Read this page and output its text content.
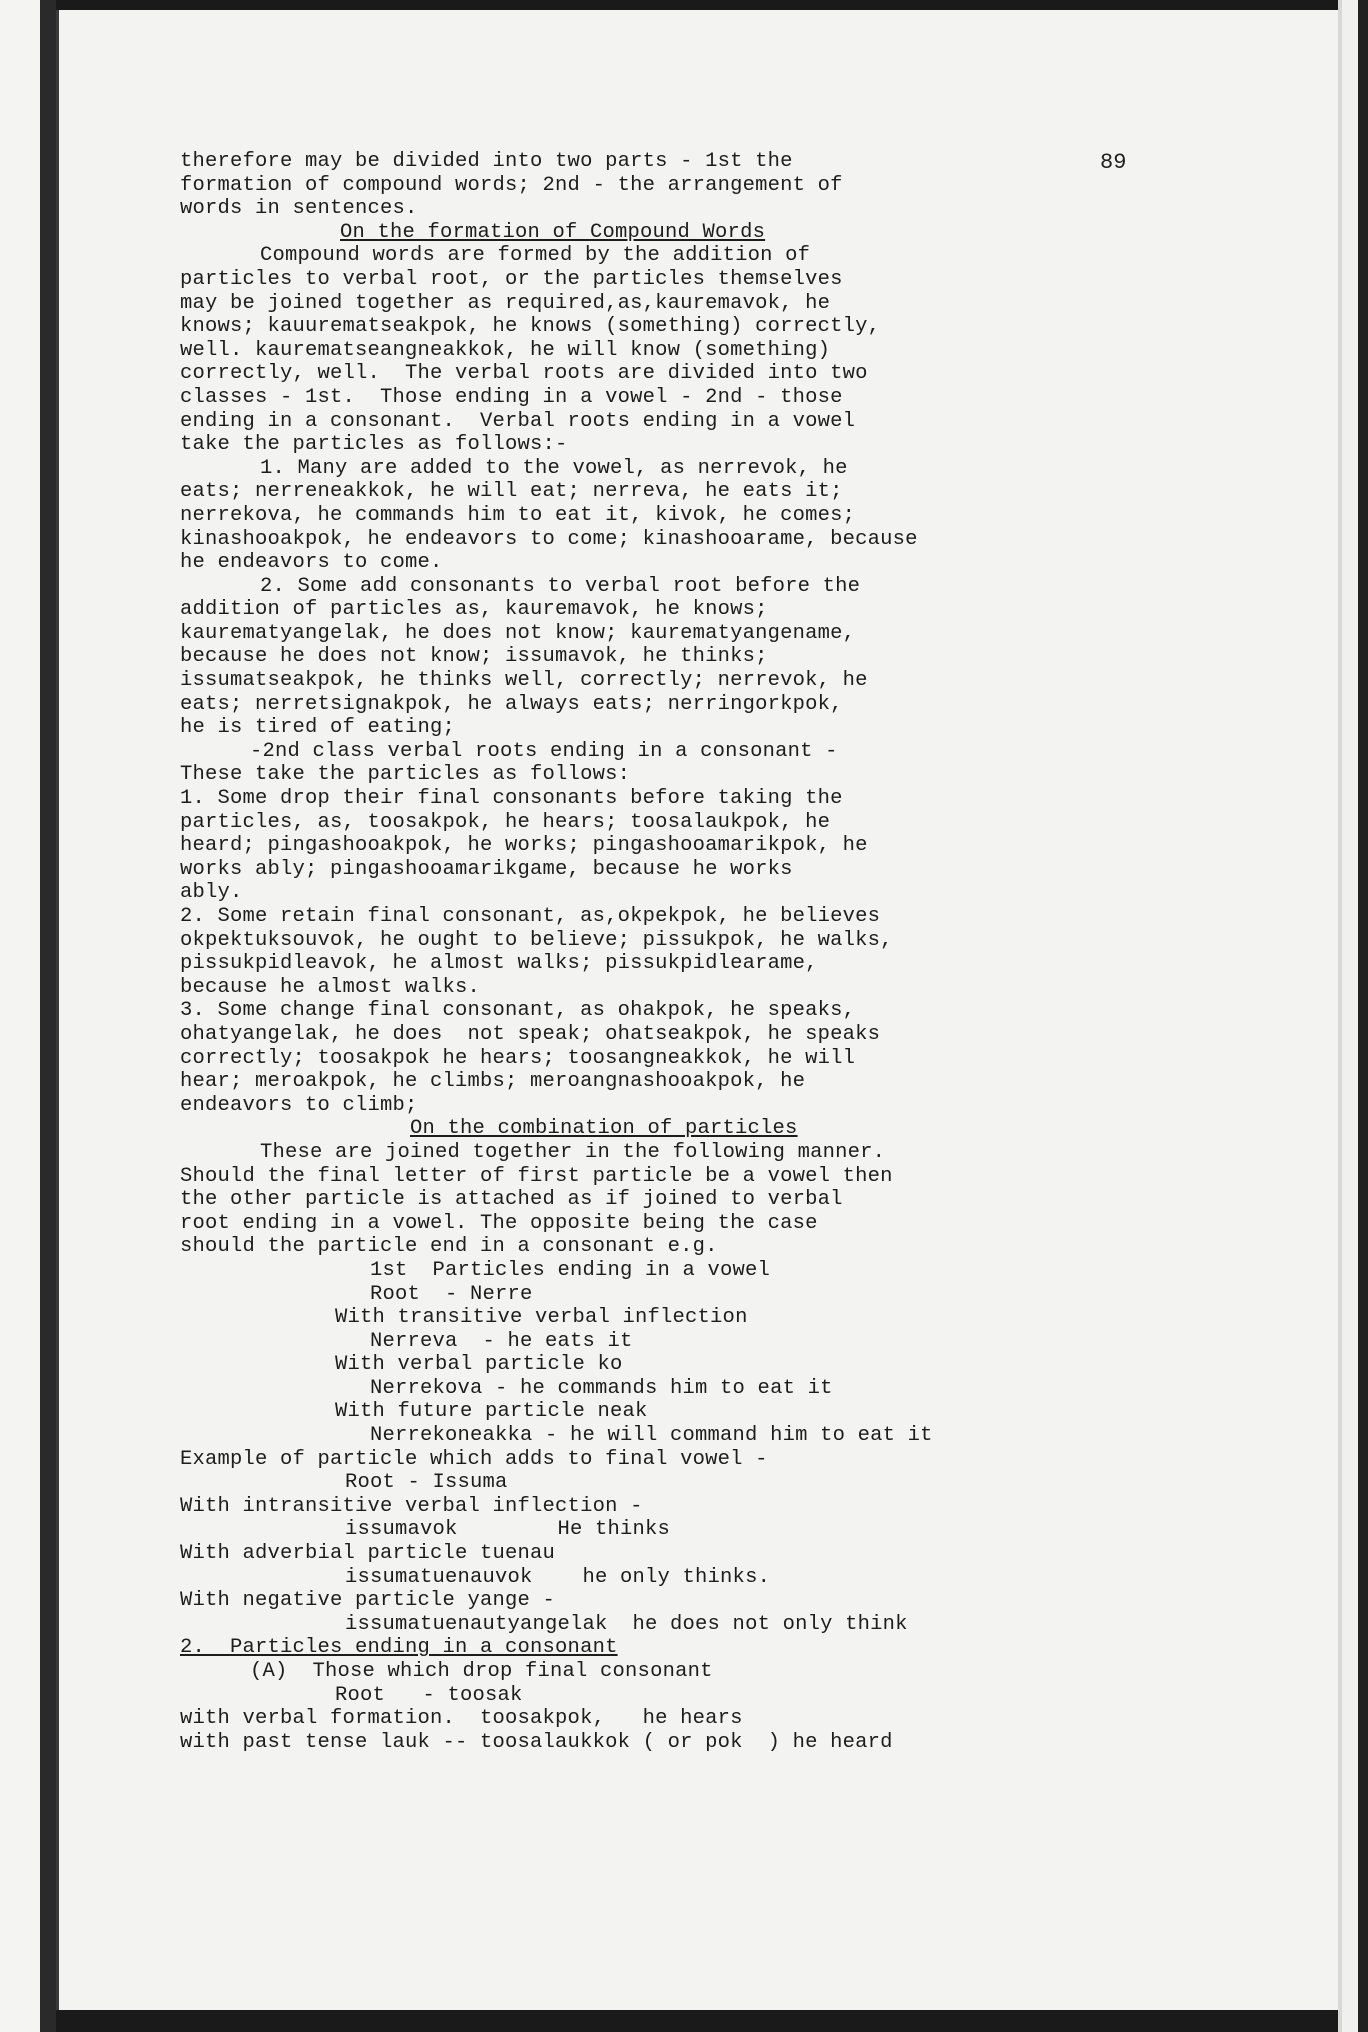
89
therefore may be divided into two parts - 1st the
formation of compound words; 2nd - the arrangement of
words in sentences.
On the formation of Compound Words
Compound words are formed by the addition of
particles to verbal root, or the particles themselves
may be joined together as required,as,kauremavok, he
knows; kauurematseakpok, he knows (something) correctly,
well. kaurematseangneakkok, he will know (something)
correctly, well.  The verbal roots are divided into two
classes - 1st.  Those ending in a vowel - 2nd - those
ending in a consonant.  Verbal roots ending in a vowel
take the particles as follows:-
1. Many are added to the vowel, as nerrevok, he
eats; nerreneakkok, he will eat; nerreva, he eats it;
nerrekova, he commands him to eat it, kivok, he comes;
kinashooakpok, he endeavors to come; kinashooarame, because
he endeavors to come.
2. Some add consonants to verbal root before the
addition of particles as, kauremavok, he knows;
kaurematyangelak, he does not know; kaurematyangename,
because he does not know; issumavok, he thinks;
issumatseakpok, he thinks well, correctly; nerrevok, he
eats; nerretsignakpok, he always eats; nerringorkpok,
he is tired of eating;
-2nd class verbal roots ending in a consonant -
These take the particles as follows:
1. Some drop their final consonants before taking the
particles, as, toosakpok, he hears; toosalaukpok, he
heard; pingashooakpok, he works; pingashooamarikpok, he
works ably; pingashooamarikgame, because he works
ably.
2. Some retain final consonant, as,okpekpok, he believes
okpektuksouvok, he ought to believe; pissukpok, he walks,
pissukpidleavok, he almost walks; pissukpidlearame,
because he almost walks.
3. Some change final consonant, as ohakpok, he speaks,
ohatyangelak, he does  not speak; ohatseakpok, he speaks
correctly; toosakpok he hears; toosangneakkok, he will
hear; meroakpok, he climbs; meroangnashooakpok, he
endeavors to climb;
On the combination of particles
These are joined together in the following manner.
Should the final letter of first particle be a vowel then
the other particle is attached as if joined to verbal
root ending in a vowel. The opposite being the case
should the particle end in a consonant e.g.
1st  Particles ending in a vowel
Root  - Nerre
With transitive verbal inflection
Nerreva  - he eats it
With verbal particle ko
Nerrekova - he commands him to eat it
With future particle neak
Nerrekoneakka - he will command him to eat it
Example of particle which adds to final vowel -
Root - Issuma
With intransitive verbal inflection -
issumavok        He thinks
With adverbial particle tuenau
issumatuenauvok    he only thinks.
With negative particle yange -
issumatuenautyangelak  he does not only think
2.  Particles ending in a consonant
(A)  Those which drop final consonant
Root   - toosak
with verbal formation.  toosakpok,   he hears
with past tense lauk -- toosalaukkok ( or pok  ) he heard
